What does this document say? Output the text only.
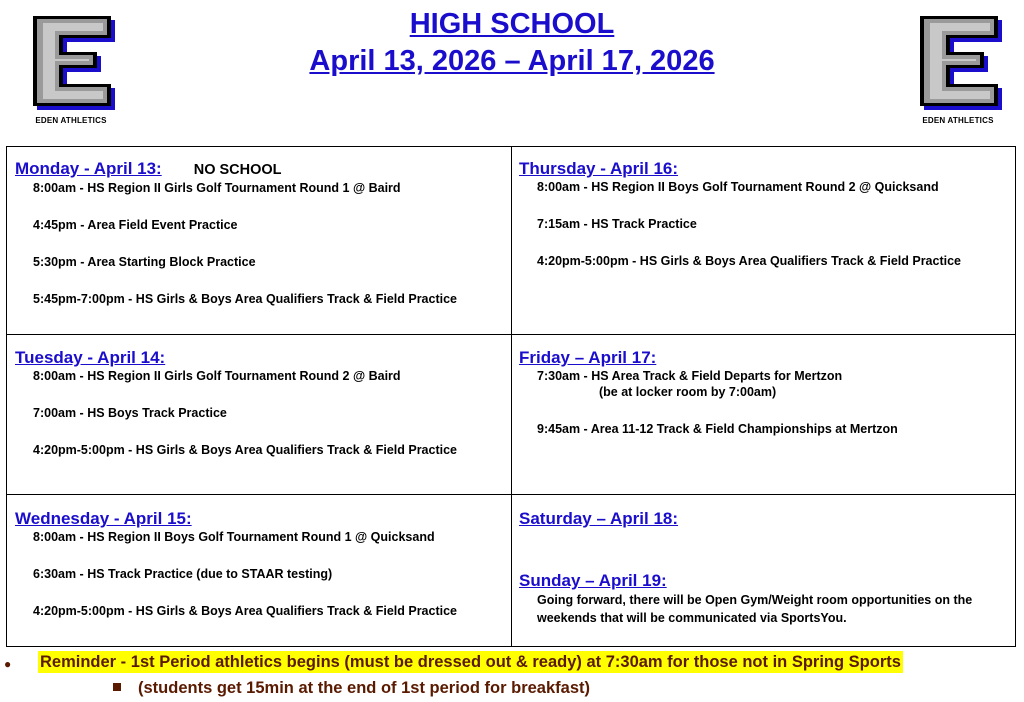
EDEN ATHLETICS	EDEN ATHLETICS
HIGH SCHOOL
April 13, 2026 – April 17, 2026
Monday - April 13: NO SCHOOL
8:00am - HS Region II Girls Golf Tournament Round 1 @ Baird
4:45pm - Area Field Event Practice
5:30pm - Area Starting Block Practice
5:45pm-7:00pm - HS Girls & Boys Area Qualifiers Track & Field Practice
Thursday - April 16:
8:00am - HS Region II Boys Golf Tournament Round 2 @ Quicksand
7:15am - HS Track Practice
4:20pm-5:00pm - HS Girls & Boys Area Qualifiers Track & Field Practice
Tuesday - April 14:
8:00am - HS Region II Girls Golf Tournament Round 2 @ Baird
7:00am - HS Boys Track Practice
4:20pm-5:00pm - HS Girls & Boys Area Qualifiers Track & Field Practice
Friday – April 17:
7:30am - HS Area Track & Field Departs for Mertzon
(be at locker room by 7:00am)
9:45am - Area 11-12 Track & Field Championships at Mertzon
Wednesday - April 15:
8:00am - HS Region II Boys Golf Tournament Round 1 @ Quicksand
6:30am - HS Track Practice (due to STAAR testing)
4:20pm-5:00pm - HS Girls & Boys Area Qualifiers Track & Field Practice
Saturday – April 18:
Sunday – April 19:
Going forward, there will be Open Gym/Weight room opportunities on the weekends that will be communicated via SportsYou.
● Reminder - 1st Period athletics begins (must be dressed out & ready) at 7:30am for those not in Spring Sports
(students get 15min at the end of 1st period for breakfast)
